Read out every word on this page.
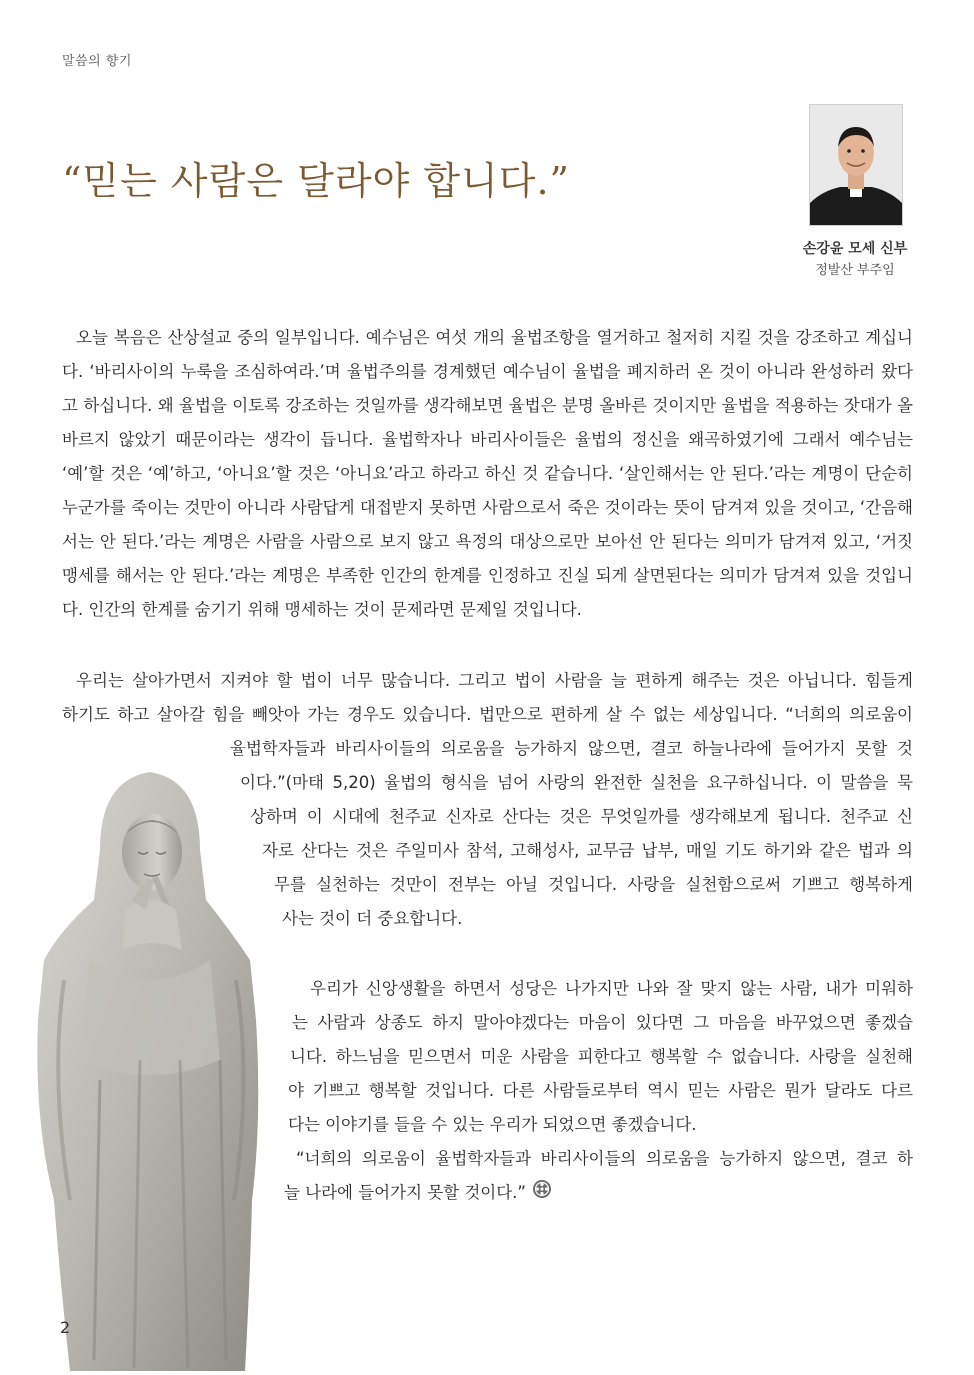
말씀의 향기
“믿는 사람은 달라야 합니다.”
손강윤 모세 신부
정발산 부주임

오늘 복음은 산상설교 중의 일부입니다. 예수님은 여섯 개의 율법조항을 열거하고 철저히 지킬 것을 강조하고 계십니다. ‘바리사이의 누룩을 조심하여라.’며 율법주의를 경계했던 예수님이 율법을 폐지하러 온 것이 아니라 완성하러 왔다고 하십니다. 왜 율법을 이토록 강조하는 것일까를 생각해보면 율법은 분명 올바른 것이지만 율법을 적용하는 잣대가 올바르지 않았기 때문이라는 생각이 듭니다. 율법학자나 바리사이들은 율법의 정신을 왜곡하였기에 그래서 예수님는 ‘예’할 것은 ‘예’하고, ‘아니요’할 것은 ‘아니요’라고 하라고 하신 것 같습니다. ‘살인해서는 안 된다.’라는 계명이 단순히 누군가를 죽이는 것만이 아니라 사람답게 대접받지 못하면 사람으로서 죽은 것이라는 뜻이 담겨져 있을 것이고, ‘간음해서는 안 된다.’라는 계명은 사람을 사람으로 보지 않고 욕정의 대상으로만 보아선 안 된다는 의미가 담겨져 있고, ‘거짓 맹세를 해서는 안 된다.’라는 계명은 부족한 인간의 한계를 인정하고 진실 되게 살면된다는 의미가 담겨져 있을 것입니다. 인간의 한계를 숨기기 위해 맹세하는 것이 문제라면 문제일 것입니다.

우리는 살아가면서 지켜야 할 법이 너무 많습니다. 그리고 법이 사람을 늘 편하게 해주는 것은 아닙니다. 힘들게
하기도 하고 살아갈 힘을 빼앗아 가는 경우도 있습니다. 법만으로 편하게 살 수 없는 세상입니다. “너희의 의로움이
율법학자들과 바리사이들의 의로움을 능가하지 않으면, 결코 하늘나라에 들어가지 못할 것
이다.”(마태 5,20) 율법의 형식을 넘어 사랑의 완전한 실천을 요구하십니다. 이 말씀을 묵
상하며 이 시대에 천주교 신자로 산다는 것은 무엇일까를 생각해보게 됩니다. 천주교 신
자로 산다는 것은 주일미사 참석, 고해성사, 교무금 납부, 매일 기도 하기와 같은 법과 의
무를 실천하는 것만이 전부는 아닐 것입니다. 사랑을 실천함으로써 기쁘고 행복하게
사는 것이 더 중요합니다.
우리가 신앙생활을 하면서 성당은 나가지만 나와 잘 맞지 않는 사람, 내가 미워하
는 사람과 상종도 하지 말아야겠다는 마음이 있다면 그 마음을 바꾸었으면 좋겠습
니다. 하느님을 믿으면서 미운 사람을 피한다고 행복할 수 없습니다. 사랑을 실천해
야 기쁘고 행복할 것입니다. 다른 사람들로부터 역시 믿는 사람은 뭔가 달라도 다르
다는 이야기를 들을 수 있는 우리가 되었으면 좋겠습니다.
“너희의 의로움이 율법학자들과 바리사이들의 의로움을 능가하지 않으면, 결코 하
늘 나라에 들어가지 못할 것이다.”
2
